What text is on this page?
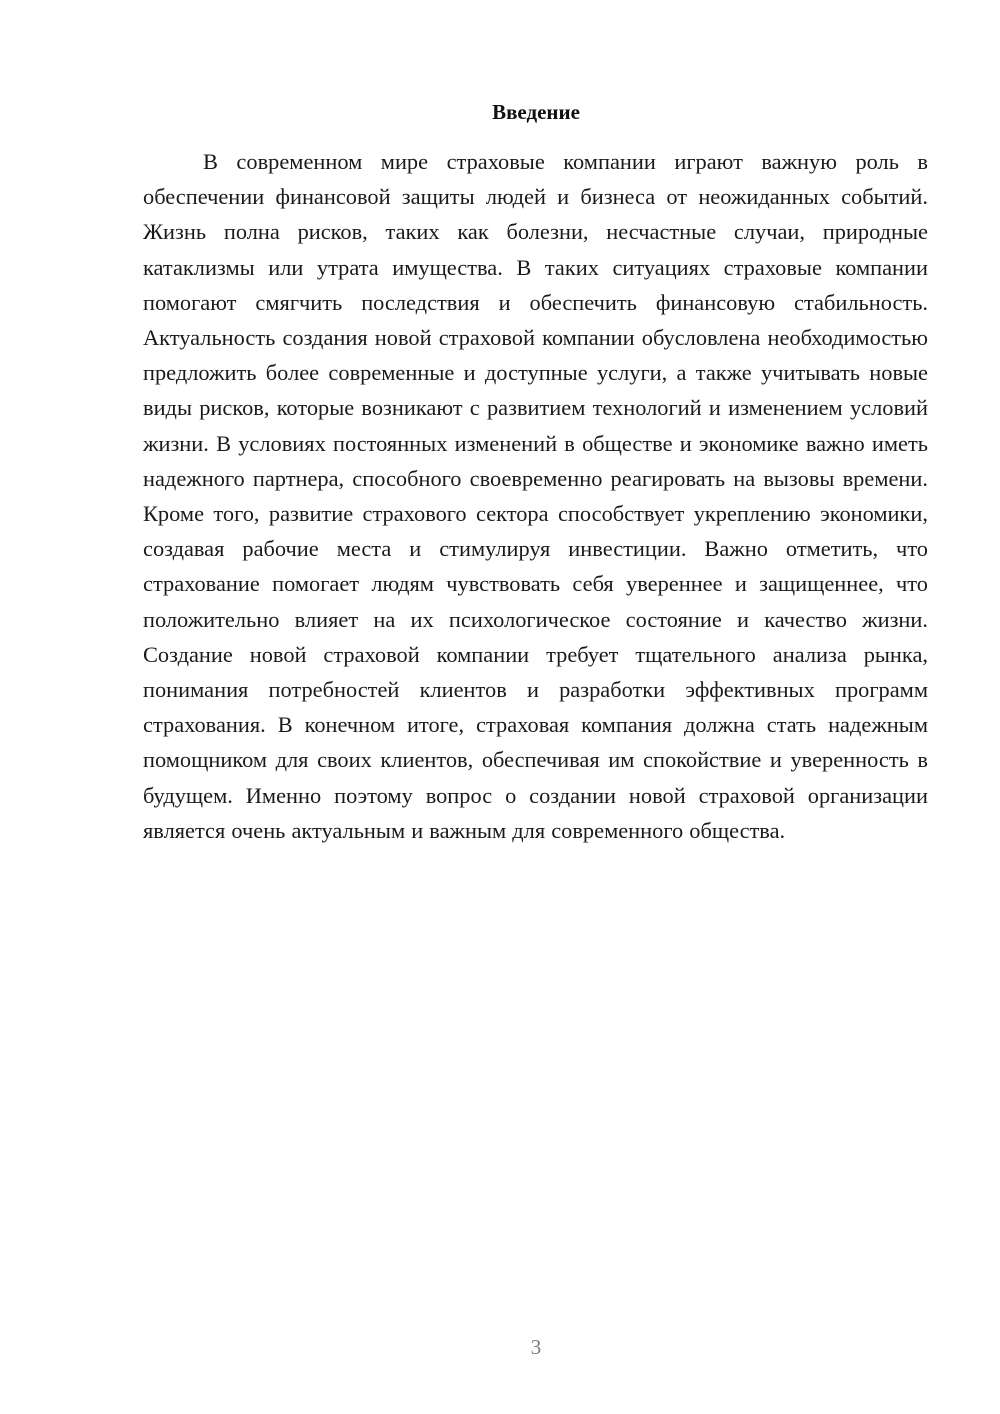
Введение

В современном мире страховые компании играют важную роль в обеспечении финансовой защиты людей и бизнеса от неожиданных событий. Жизнь полна рисков, таких как болезни, несчастные случаи, природные катаклизмы или утрата имущества. В таких ситуациях страховые компании помогают смягчить последствия и обеспечить финансовую стабильность. Актуальность создания новой страховой компании обусловлена необходимостью предложить более современные и доступные услуги, а также учитывать новые виды рисков, которые возникают с развитием технологий и изменением условий жизни. В условиях постоянных изменений в обществе и экономике важно иметь надежного партнера, способного своевременно реагировать на вызовы времени. Кроме того, развитие страхового сектора способствует укреплению экономики, создавая рабочие места и стимулируя инвестиции. Важно отметить, что страхование помогает людям чувствовать себя увереннее и защищеннее, что положительно влияет на их психологическое состояние и качество жизни. Создание новой страховой компании требует тщательного анализа рынка, понимания потребностей клиентов и разработки эффективных программ страхования. В конечном итоге, страховая компания должна стать надежным помощником для своих клиентов, обеспечивая им спокойствие и уверенность в будущем. Именно поэтому вопрос о создании новой страховой организации является очень актуальным и важным для современного общества.

3
